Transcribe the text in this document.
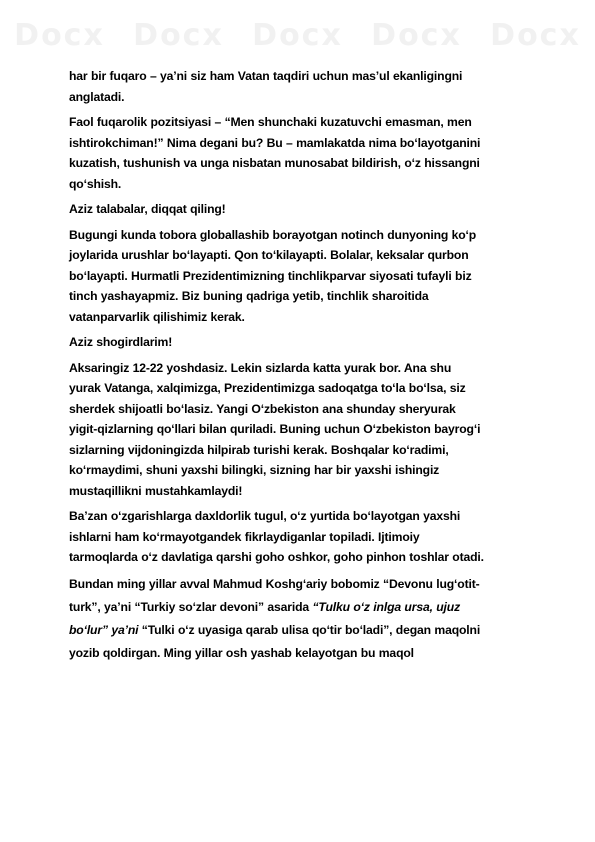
Docx Docx Docx Docx Docx

har bir fuqaro – ya’ni siz ham Vatan taqdiri uchun mas’ul ekanligingni
anglatadi.

Faol fuqarolik pozitsiyasi – “Men shunchaki kuzatuvchi emasman, men
ishtirokchiman!” Nima degani bu? Bu – mamlakatda nima bo‘layotganini
kuzatish, tushunish va unga nisbatan munosabat bildirish, o‘z hissangni
qo‘shish.

Aziz talabalar, diqqat qiling!

Bugungi kunda tobora globallashib borayotgan notinch dunyoning ko‘p
joylarida urushlar bo‘layapti. Qon to‘kilayapti. Bolalar, keksalar qurbon
bo‘layapti. Hurmatli Prezidentimizning tinchlikparvar siyosati tufayli biz
tinch yashayapmiz. Biz buning qadriga yetib, tinchlik sharoitida
vatanparvarlik qilishimiz kerak.

Aziz shogirdlarim!

Aksaringiz 12-22 yoshdasiz. Lekin sizlarda katta yurak bor. Ana shu
yurak Vatanga, xalqimizga, Prezidentimizga sadoqatga to‘la bo‘lsa, siz
sherdek shijoatli bo‘lasiz. Yangi O‘zbekiston ana shunday sheryurak
yigit-qizlarning qo‘llari bilan quriladi. Buning uchun O‘zbekiston bayrog‘i
sizlarning vijdoningizda hilpirab turishi kerak. Boshqalar ko‘radimi,
ko‘rmaydimi, shuni yaxshi bilingki, sizning har bir yaxshi ishingiz
mustaqillikni mustahkamlaydi!

Ba’zan o‘zgarishlarga daxldorlik tugul, o‘z yurtida bo‘layotgan yaxshi
ishlarni ham ko‘rmayotgandek fikrlaydiganlar topiladi. Ijtimoiy
tarmoqlarda o‘z davlatiga qarshi goho oshkor, goho pinhon toshlar otadi.

Bundan ming yillar avval Mahmud Koshg‘ariy bobomiz “Devonu lug‘otit-
turk”, ya’ni “Turkiy so‘zlar devoni” asarida “Tulku o‘z inlga ursa, ujuz
bo‘lur” ya’ni “Tulki o‘z uyasiga qarab ulisa qo‘tir bo‘ladi”, degan maqolni
yozib qoldirgan. Ming yillar osh yashab kelayotgan bu maqol
